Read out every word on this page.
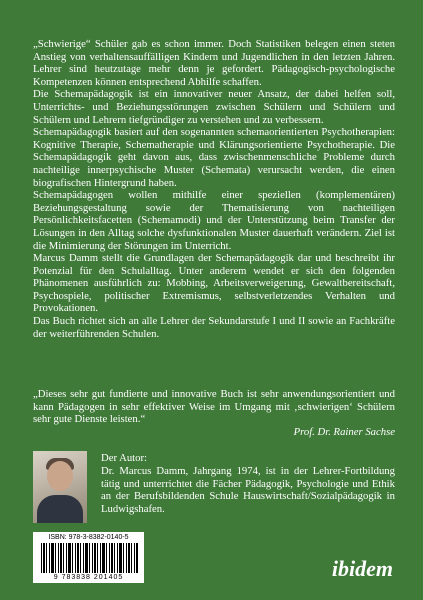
„Schwierige“ Schüler gab es schon immer. Doch Statistiken belegen einen steten Anstieg von verhaltensauffälligen Kindern und Jugendlichen in den letzten Jahren. Lehrer sind heutzutage mehr denn je gefordert. Pädagogisch-psychologische Kompetenzen können entsprechend Abhilfe schaffen.

Die Schemapädagogik ist ein innovativer neuer Ansatz, der dabei helfen soll, Unterrichts- und Beziehungsstörungen zwischen Schülern und Schülern und Schülern und Lehrern tiefgründiger zu verstehen und zu verbessern.

Schemapädagogik basiert auf den sogenannten schemaorientierten Psychotherapien: Kognitive Therapie, Schematherapie und Klärungsorientierte Psychotherapie. Die Schemapädagogik geht davon aus, dass zwischenmenschliche Probleme durch nachteilige innerpsychische Muster (Schemata) verursacht werden, die einen biografischen Hintergrund haben.

Schemapädagogen wollen mithilfe einer speziellen (komplementären) Beziehungsgestaltung sowie der Thematisierung von nachteiligen Persönlichkeitsfacetten (Schemamodi) und der Unterstützung beim Transfer der Lösungen in den Alltag solche dysfunktionalen Muster dauerhaft verändern. Ziel ist die Minimierung der Störungen im Unterricht.

Marcus Damm stellt die Grundlagen der Schemapädagogik dar und beschreibt ihr Potenzial für den Schulalltag. Unter anderem wendet er sich den folgenden Phänomenen ausführlich zu: Mobbing, Arbeitsverweigerung, Gewaltbereitschaft, Psychospiele, politischer Extremismus, selbstverletzendes Verhalten und Provokationen.

Das Buch richtet sich an alle Lehrer der Sekundarstufe I und II sowie an Fachkräfte der weiterführenden Schulen.

„Dieses sehr gut fundierte und innovative Buch ist sehr anwendungsorientiert und kann Pädagogen in sehr effektiver Weise im Umgang mit ‚schwierigen‘ Schülern sehr gute Dienste leisten.“

Prof. Dr. Rainer Sachse

Der Autor:

Dr. Marcus Damm, Jahrgang 1974, ist in der Lehrer-Fortbildung tätig und unterrichtet die Fächer Pädagogik, Psychologie und Ethik an der Berufsbildenden Schule Hauswirtschaft/Sozialpädagogik in Ludwigshafen.

ISBN: 978-3-8382-0140-5
9 783838 201405	ibidem
